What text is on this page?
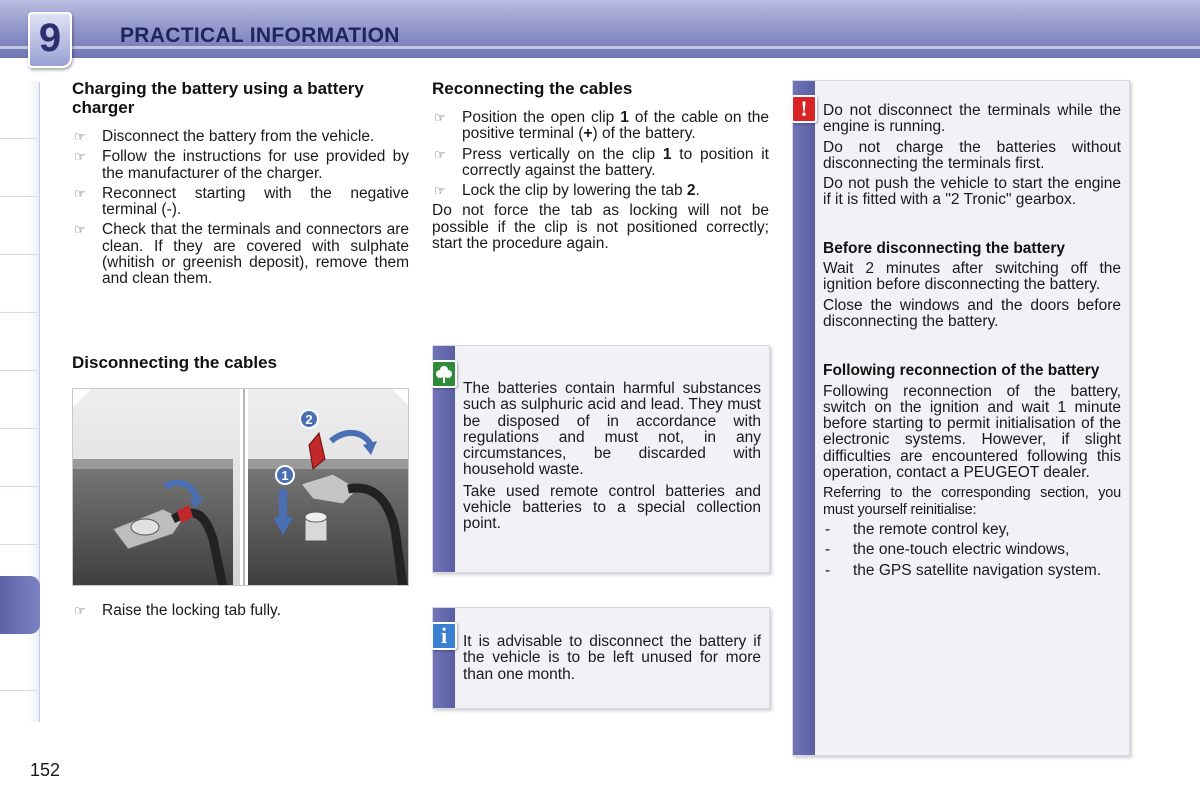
9	PRACTICAL INFORMATION
Charging the battery using a battery charger
☞ Disconnect the battery from the vehicle.
☞ Follow the instructions for use provided by the manufacturer of the charger.
☞ Reconnect starting with the negative terminal (-).
☞ Check that the terminals and connectors are clean. If they are covered with sulphate (whitish or greenish deposit), remove them and clean them.
Disconnecting the cables
1
2
☞ Raise the locking tab fully.
Reconnecting the cables
☞ Position the open clip 1 of the cable on the positive terminal (+) of the battery.
☞ Press vertically on the clip 1 to position it correctly against the battery.
☞ Lock the clip by lowering the tab 2.
Do not force the tab as locking will not be possible if the clip is not positioned correctly; start the procedure again.
The batteries contain harmful substances such as sulphuric acid and lead. They must be disposed of in accordance with regulations and must not, in any circumstances, be discarded with household waste.
Take used remote control batteries and vehicle batteries to a special collection point.
i	It is advisable to disconnect the battery if the vehicle is to be left unused for more than one month.
! Do not disconnect the terminals while the engine is running.
Do not charge the batteries without disconnecting the terminals first.
Do not push the vehicle to start the engine if it is fitted with a "2 Tronic" gearbox.
Before disconnecting the battery
Wait 2 minutes after switching off the ignition before disconnecting the battery.
Close the windows and the doors before disconnecting the battery.
Following reconnection of the battery
Following reconnection of the battery, switch on the ignition and wait 1 minute before starting to permit initialisation of the electronic systems. However, if slight difficulties are encountered following this operation, contact a PEUGEOT dealer.
Referring to the corresponding section, you must yourself reinitialise:
- the remote control key,
- the one-touch electric windows,
- the GPS satellite navigation system.
152
